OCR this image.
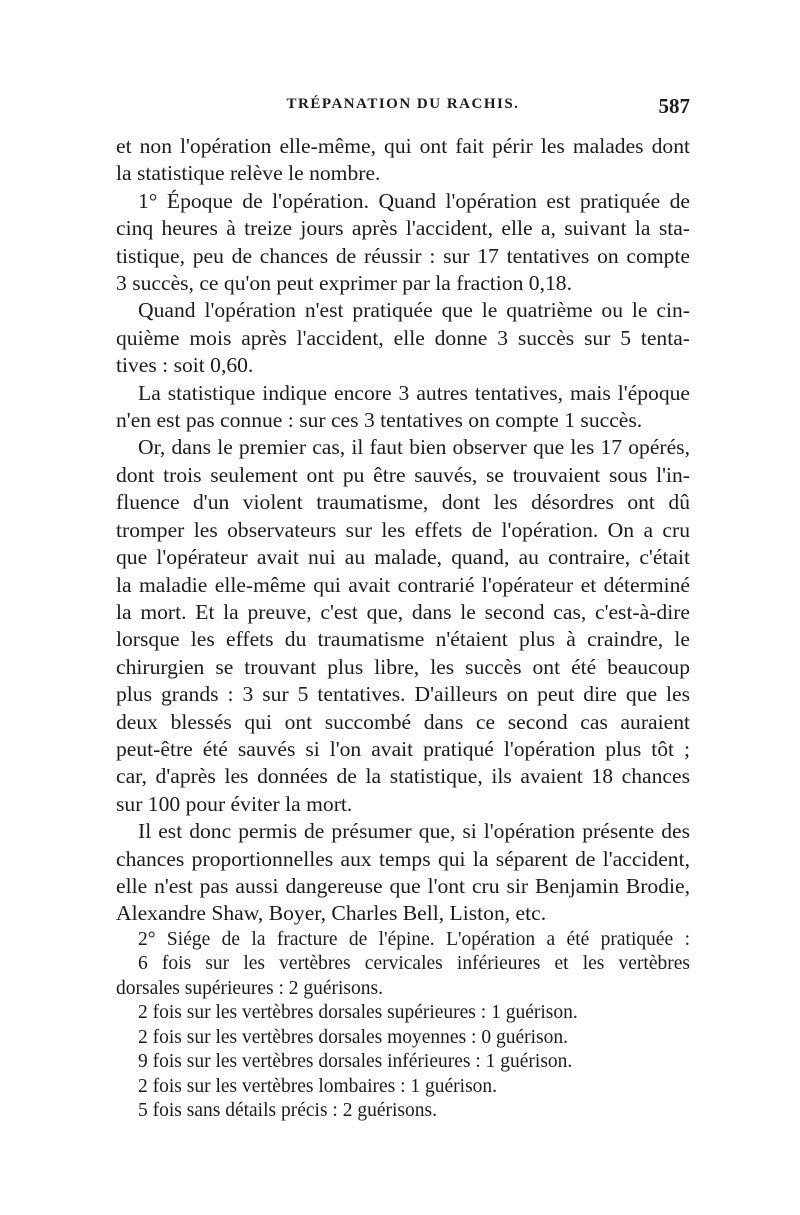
TRÉPANATION DU RACHIS.	587

et non l'opération elle-même, qui ont fait périr les malades dont
la statistique relève le nombre.

1° Époque de l'opération. Quand l'opération est pratiquée de
cinq heures à treize jours après l'accident, elle a, suivant la sta-
tistique, peu de chances de réussir : sur 17 tentatives on compte
3 succès, ce qu'on peut exprimer par la fraction 0,18.

Quand l'opération n'est pratiquée que le quatrième ou le cin-
quième mois après l'accident, elle donne 3 succès sur 5 tenta-
tives : soit 0,60.

La statistique indique encore 3 autres tentatives, mais l'époque
n'en est pas connue : sur ces 3 tentatives on compte 1 succès.

Or, dans le premier cas, il faut bien observer que les 17 opérés,
dont trois seulement ont pu être sauvés, se trouvaient sous l'in-
fluence d'un violent traumatisme, dont les désordres ont dû
tromper les observateurs sur les effets de l'opération. On a cru
que l'opérateur avait nui au malade, quand, au contraire, c'était
la maladie elle-même qui avait contrarié l'opérateur et déterminé
la mort. Et la preuve, c'est que, dans le second cas, c'est-à-dire
lorsque les effets du traumatisme n'étaient plus à craindre, le
chirurgien se trouvant plus libre, les succès ont été beaucoup
plus grands : 3 sur 5 tentatives. D'ailleurs on peut dire que les
deux blessés qui ont succombé dans ce second cas auraient
peut-être été sauvés si l'on avait pratiqué l'opération plus tôt ;
car, d'après les données de la statistique, ils avaient 18 chances
sur 100 pour éviter la mort.

Il est donc permis de présumer que, si l'opération présente des
chances proportionnelles aux temps qui la séparent de l'accident,
elle n'est pas aussi dangereuse que l'ont cru sir Benjamin Brodie,
Alexandre Shaw, Boyer, Charles Bell, Liston, etc.

2° Siége de la fracture de l'épine. L'opération a été pratiquée :
6 fois sur les vertèbres cervicales inférieures et les vertèbres
dorsales supérieures : 2 guérisons.
2 fois sur les vertèbres dorsales supérieures : 1 guérison.
2 fois sur les vertèbres dorsales moyennes : 0 guérison.
9 fois sur les vertèbres dorsales inférieures : 1 guérison.
2 fois sur les vertèbres lombaires : 1 guérison.
5 fois sans détails précis : 2 guérisons.
